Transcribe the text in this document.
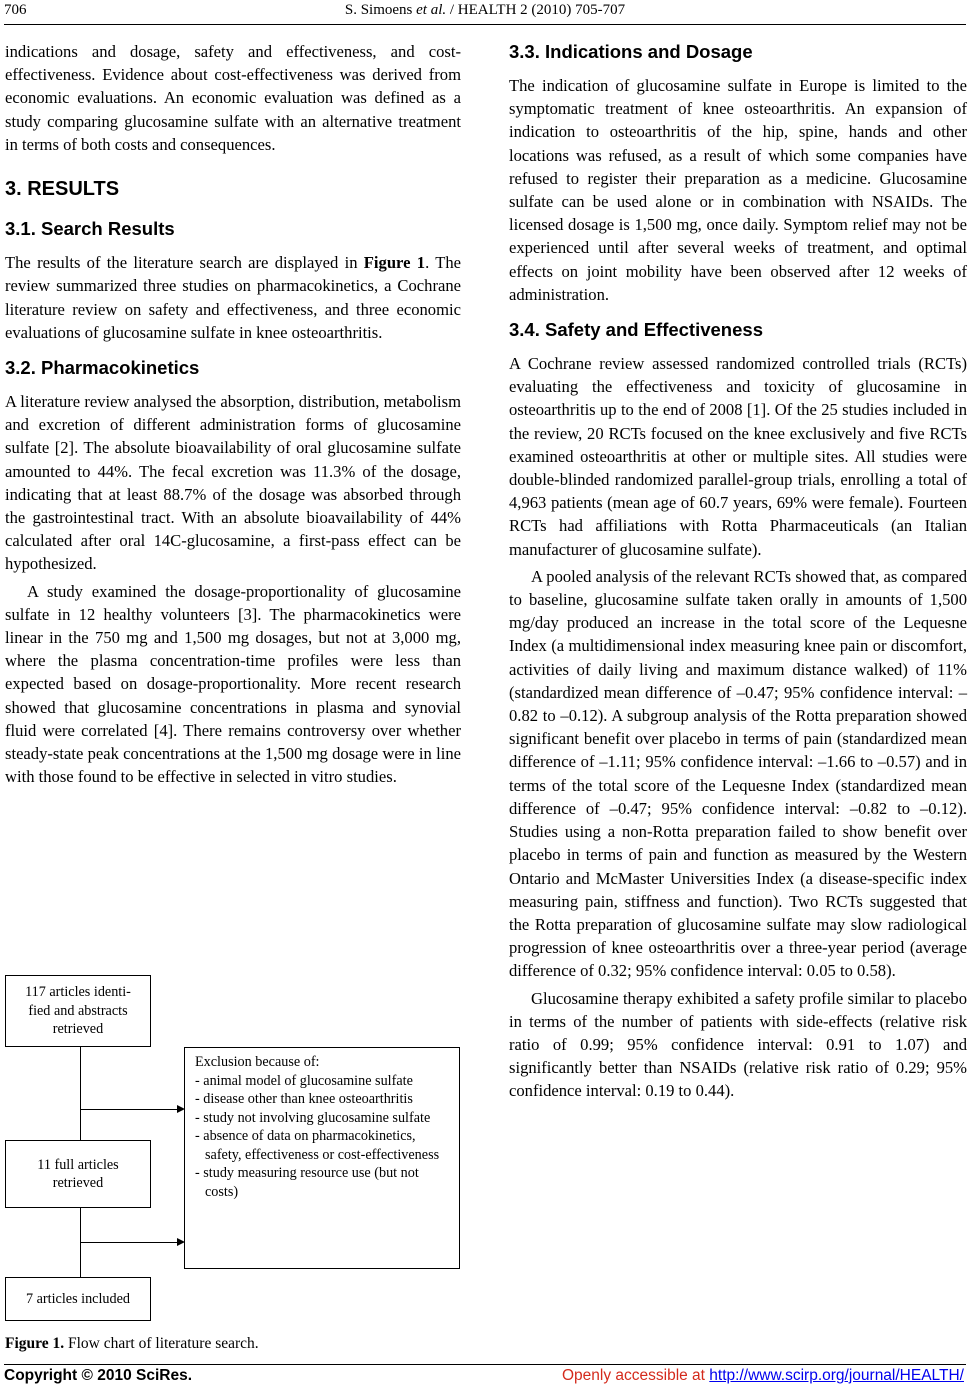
706	S. Simoens et al. / HEALTH 2 (2010) 705-707

indications and dosage, safety and effectiveness, and cost-effectiveness. Evidence about cost-effectiveness was derived from economic evaluations. An economic evaluation was defined as a study comparing glucosamine sulfate with an alternative treatment in terms of both costs and consequences.

3. RESULTS
3.1. Search Results

The results of the literature search are displayed in Figure 1. The review summarized three studies on pharmacokinetics, a Cochrane literature review on safety and effectiveness, and three economic evaluations of glucosamine sulfate in knee osteoarthritis.

3.2. Pharmacokinetics

A literature review analysed the absorption, distribution, metabolism and excretion of different administration forms of glucosamine sulfate [2]. The absolute bioavailability of oral glucosamine sulfate amounted to 44%. The fecal excretion was 11.3% of the dosage, indicating that at least 88.7% of the dosage was absorbed through the gastrointestinal tract. With an absolute bioavailability of 44% calculated after oral 14C-glucosamine, a first-pass effect can be hypothesized.

A study examined the dosage-proportionality of glucosamine sulfate in 12 healthy volunteers [3]. The pharmacokinetics were linear in the 750 mg and 1,500 mg dosages, but not at 3,000 mg, where the plasma concentration-time profiles were less than expected based on dosage-proportionality. More recent research showed that glucosamine concentrations in plasma and synovial fluid were correlated [4]. There remains controversy over whether steady-state peak concentrations at the 1,500 mg dosage were in line with those found to be effective in selected in vitro studies.

117 articles identi-
fied and abstracts
retrieved
11 full articles
retrieved
7 articles included
Exclusion because of:
- animal model of glucosamine sulfate
- disease other than knee osteoarthritis
- study not involving glucosamine sulfate
- absence of data on pharmacokinetics, safety, effectiveness or cost-effectiveness
- study measuring resource use (but not costs)
Figure 1. Flow chart of literature search.
3.3. Indications and Dosage

The indication of glucosamine sulfate in Europe is limited to the symptomatic treatment of knee osteoarthritis. An expansion of indication to osteoarthritis of the hip, spine, hands and other locations was refused, as a result of which some companies have refused to register their preparation as a medicine. Glucosamine sulfate can be used alone or in combination with NSAIDs. The licensed dosage is 1,500 mg, once daily. Symptom relief may not be experienced until after several weeks of treatment, and optimal effects on joint mobility have been observed after 12 weeks of administration.

3.4. Safety and Effectiveness

A Cochrane review assessed randomized controlled trials (RCTs) evaluating the effectiveness and toxicity of glucosamine in osteoarthritis up to the end of 2008 [1]. Of the 25 studies included in the review, 20 RCTs focused on the knee exclusively and five RCTs examined osteoarthritis at other or multiple sites. All studies were double-blinded randomized parallel-group trials, enrolling a total of 4,963 patients (mean age of 60.7 years, 69% were female). Fourteen RCTs had affiliations with Rotta Pharmaceuticals (an Italian manufacturer of glucosamine sulfate).

A pooled analysis of the relevant RCTs showed that, as compared to baseline, glucosamine sulfate taken orally in amounts of 1,500 mg/day produced an increase in the total score of the Lequesne Index (a multidimensional index measuring knee pain or discomfort, activities of daily living and maximum distance walked) of 11% (standardized mean difference of –0.47; 95% confidence interval: –0.82 to –0.12). A subgroup analysis of the Rotta preparation showed significant benefit over placebo in terms of pain (standardized mean difference of –1.11; 95% confidence interval: –1.66 to –0.57) and in terms of the total score of the Lequesne Index (standardized mean difference of –0.47; 95% confidence interval: –0.82 to –0.12). Studies using a non-Rotta preparation failed to show benefit over placebo in terms of pain and function as measured by the Western Ontario and McMaster Universities Index (a disease-specific index measuring pain, stiffness and function). Two RCTs suggested that the Rotta preparation of glucosamine sulfate may slow radiological progression of knee osteoarthritis over a three-year period (average difference of 0.32; 95% confidence interval: 0.05 to 0.58).

Glucosamine therapy exhibited a safety profile similar to placebo in terms of the number of patients with side-effects (relative risk ratio of 0.99; 95% confidence interval: 0.91 to 1.07) and significantly better than NSAIDs (relative risk ratio of 0.29; 95% confidence interval: 0.19 to 0.44).

Copyright © 2010 SciRes.	Openly accessible at http://www.scirp.org/journal/HEALTH/
